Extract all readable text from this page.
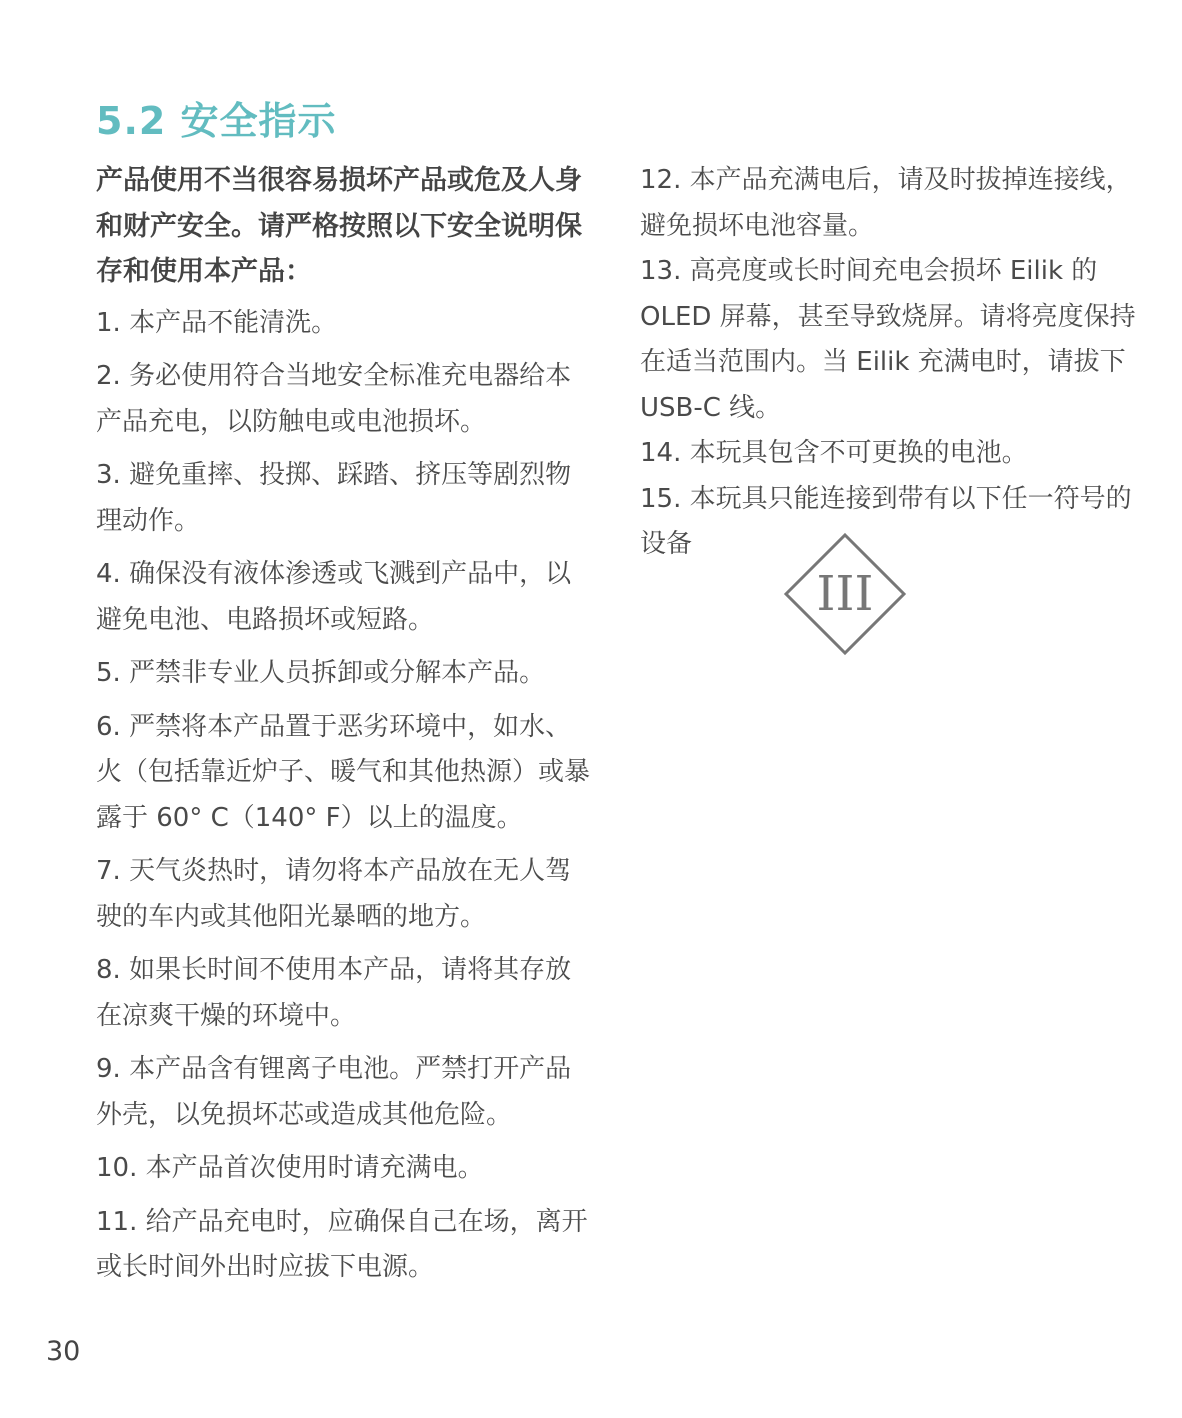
5.2 安全指示
产品使用不当很容易损坏产品或危及人身和财产安全。请严格按照以下安全说明保存和使用本产品：
1. 本产品不能清洗。
2. 务必使用符合当地安全标准充电器给本产品充电，以防触电或电池损坏。
3. 避免重摔、投掷、踩踏、挤压等剧烈物理动作。
4. 确保没有液体渗透或飞溅到产品中，以避免电池、电路损坏或短路。
5. 严禁非专业人员拆卸或分解本产品。
6. 严禁将本产品置于恶劣环境中，如水、火（包括靠近炉子、暖气和其他热源）或暴露于 60° C（140° F）以上的温度。
7. 天气炎热时，请勿将本产品放在无人驾驶的车内或其他阳光暴晒的地方。
8. 如果长时间不使用本产品，请将其存放在凉爽干燥的环境中。
9. 本产品含有锂离子电池。严禁打开产品外壳，以免损坏芯或造成其他危险。
10. 本产品首次使用时请充满电。
11. 给产品充电时，应确保自己在场，离开或长时间外出时应拔下电源。
12. 本产品充满电后，请及时拔掉连接线，避免损坏电池容量。
13. 高亮度或长时间充电会损坏 Eilik 的 OLED 屏幕，甚至导致烧屏。请将亮度保持在适当范围内。当 Eilik 充满电时，请拔下 USB-C 线。
14. 本玩具包含不可更换的电池。
15. 本玩具只能连接到带有以下任一符号的设备
III
30
